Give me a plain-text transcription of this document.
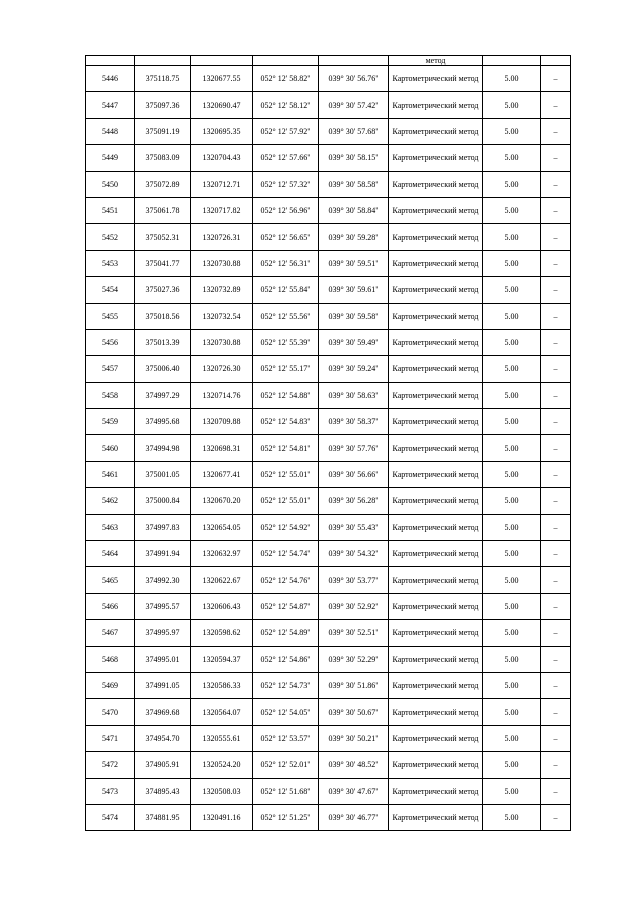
					метод		
5446	375118.75	1320677.55	052° 12' 58.82"	039° 30' 56.76"	Картометрический метод	5.00	–
5447	375097.36	1320690.47	052° 12' 58.12"	039° 30' 57.42"	Картометрический метод	5.00	–
5448	375091.19	1320695.35	052° 12' 57.92"	039° 30' 57.68"	Картометрический метод	5.00	–
5449	375083.09	1320704.43	052° 12' 57.66"	039° 30' 58.15"	Картометрический метод	5.00	–
5450	375072.89	1320712.71	052° 12' 57.32"	039° 30' 58.58"	Картометрический метод	5.00	–
5451	375061.78	1320717.82	052° 12' 56.96"	039° 30' 58.84"	Картометрический метод	5.00	–
5452	375052.31	1320726.31	052° 12' 56.65"	039° 30' 59.28"	Картометрический метод	5.00	–
5453	375041.77	1320730.88	052° 12' 56.31"	039° 30' 59.51"	Картометрический метод	5.00	–
5454	375027.36	1320732.89	052° 12' 55.84"	039° 30' 59.61"	Картометрический метод	5.00	–
5455	375018.56	1320732.54	052° 12' 55.56"	039° 30' 59.58"	Картометрический метод	5.00	–
5456	375013.39	1320730.88	052° 12' 55.39"	039° 30' 59.49"	Картометрический метод	5.00	–
5457	375006.40	1320726.30	052° 12' 55.17"	039° 30' 59.24"	Картометрический метод	5.00	–
5458	374997.29	1320714.76	052° 12' 54.88"	039° 30' 58.63"	Картометрический метод	5.00	–
5459	374995.68	1320709.88	052° 12' 54.83"	039° 30' 58.37"	Картометрический метод	5.00	–
5460	374994.98	1320698.31	052° 12' 54.81"	039° 30' 57.76"	Картометрический метод	5.00	–
5461	375001.05	1320677.41	052° 12' 55.01"	039° 30' 56.66"	Картометрический метод	5.00	–
5462	375000.84	1320670.20	052° 12' 55.01"	039° 30' 56.28"	Картометрический метод	5.00	–
5463	374997.83	1320654.05	052° 12' 54.92"	039° 30' 55.43"	Картометрический метод	5.00	–
5464	374991.94	1320632.97	052° 12' 54.74"	039° 30' 54.32"	Картометрический метод	5.00	–
5465	374992.30	1320622.67	052° 12' 54.76"	039° 30' 53.77"	Картометрический метод	5.00	–
5466	374995.57	1320606.43	052° 12' 54.87"	039° 30' 52.92"	Картометрический метод	5.00	–
5467	374995.97	1320598.62	052° 12' 54.89"	039° 30' 52.51"	Картометрический метод	5.00	–
5468	374995.01	1320594.37	052° 12' 54.86"	039° 30' 52.29"	Картометрический метод	5.00	–
5469	374991.05	1320586.33	052° 12' 54.73"	039° 30' 51.86"	Картометрический метод	5.00	–
5470	374969.68	1320564.07	052° 12' 54.05"	039° 30' 50.67"	Картометрический метод	5.00	–
5471	374954.70	1320555.61	052° 12' 53.57"	039° 30' 50.21"	Картометрический метод	5.00	–
5472	374905.91	1320524.20	052° 12' 52.01"	039° 30' 48.52"	Картометрический метод	5.00	–
5473	374895.43	1320508.03	052° 12' 51.68"	039° 30' 47.67"	Картометрический метод	5.00	–
5474	374881.95	1320491.16	052° 12' 51.25"	039° 30' 46.77"	Картометрический метод	5.00	–
